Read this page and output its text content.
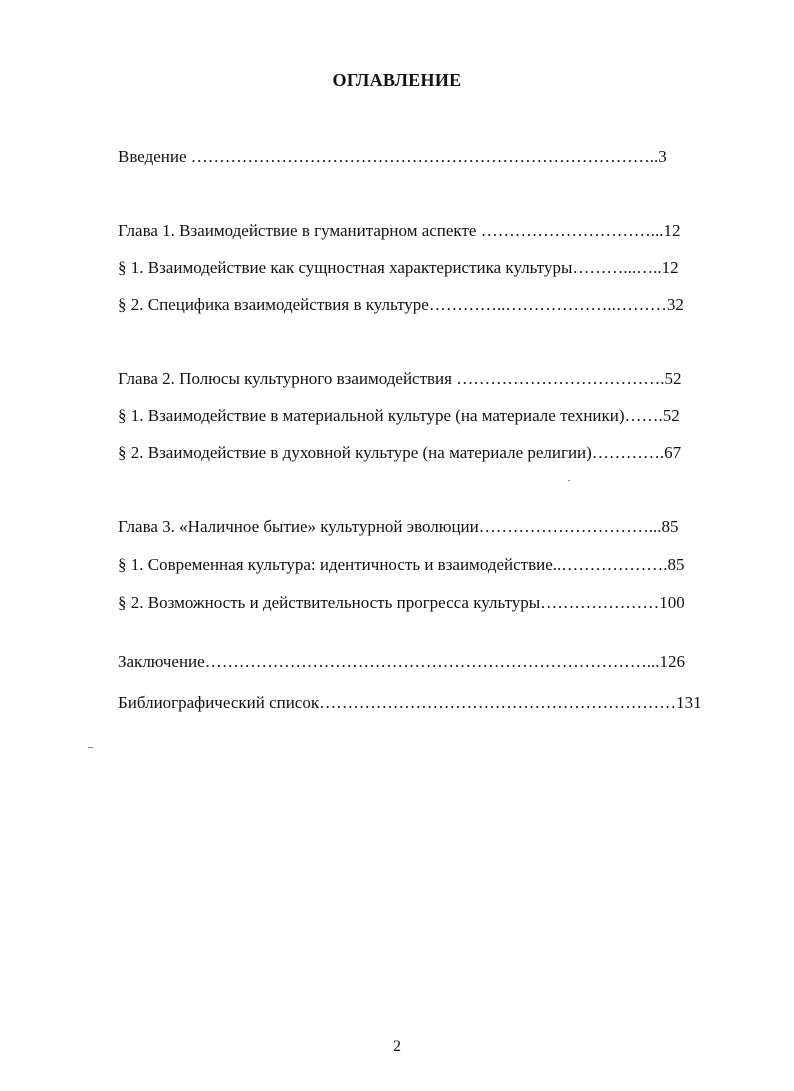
ОГЛАВЛЕНИЕ
Введение ………………………………………………………………………..3
Глава 1. Взаимодействие в гуманитарном аспекте …………………………...12
§ 1. Взаимодействие как сущностная характеристика культуры………...…..12
§ 2. Специфика взаимодействия в культуре…………..………………..………32
Глава 2. Полюсы культурного взаимодействия ……………………………….52
§ 1. Взаимодействие в материальной культуре (на материале техники)…….52
§ 2. Взаимодействие в духовной культуре (на материале религии)………….67
Глава 3. «Наличное бытие» культурной эволюции…………………………...85
§ 1. Современная культура: идентичность и взаимодействие..……………….85
§ 2. Возможность и действительность прогресса культуры…………………100
Заключение……………………………………………………………………...126
Библиографический список………………………………………………………131
2
